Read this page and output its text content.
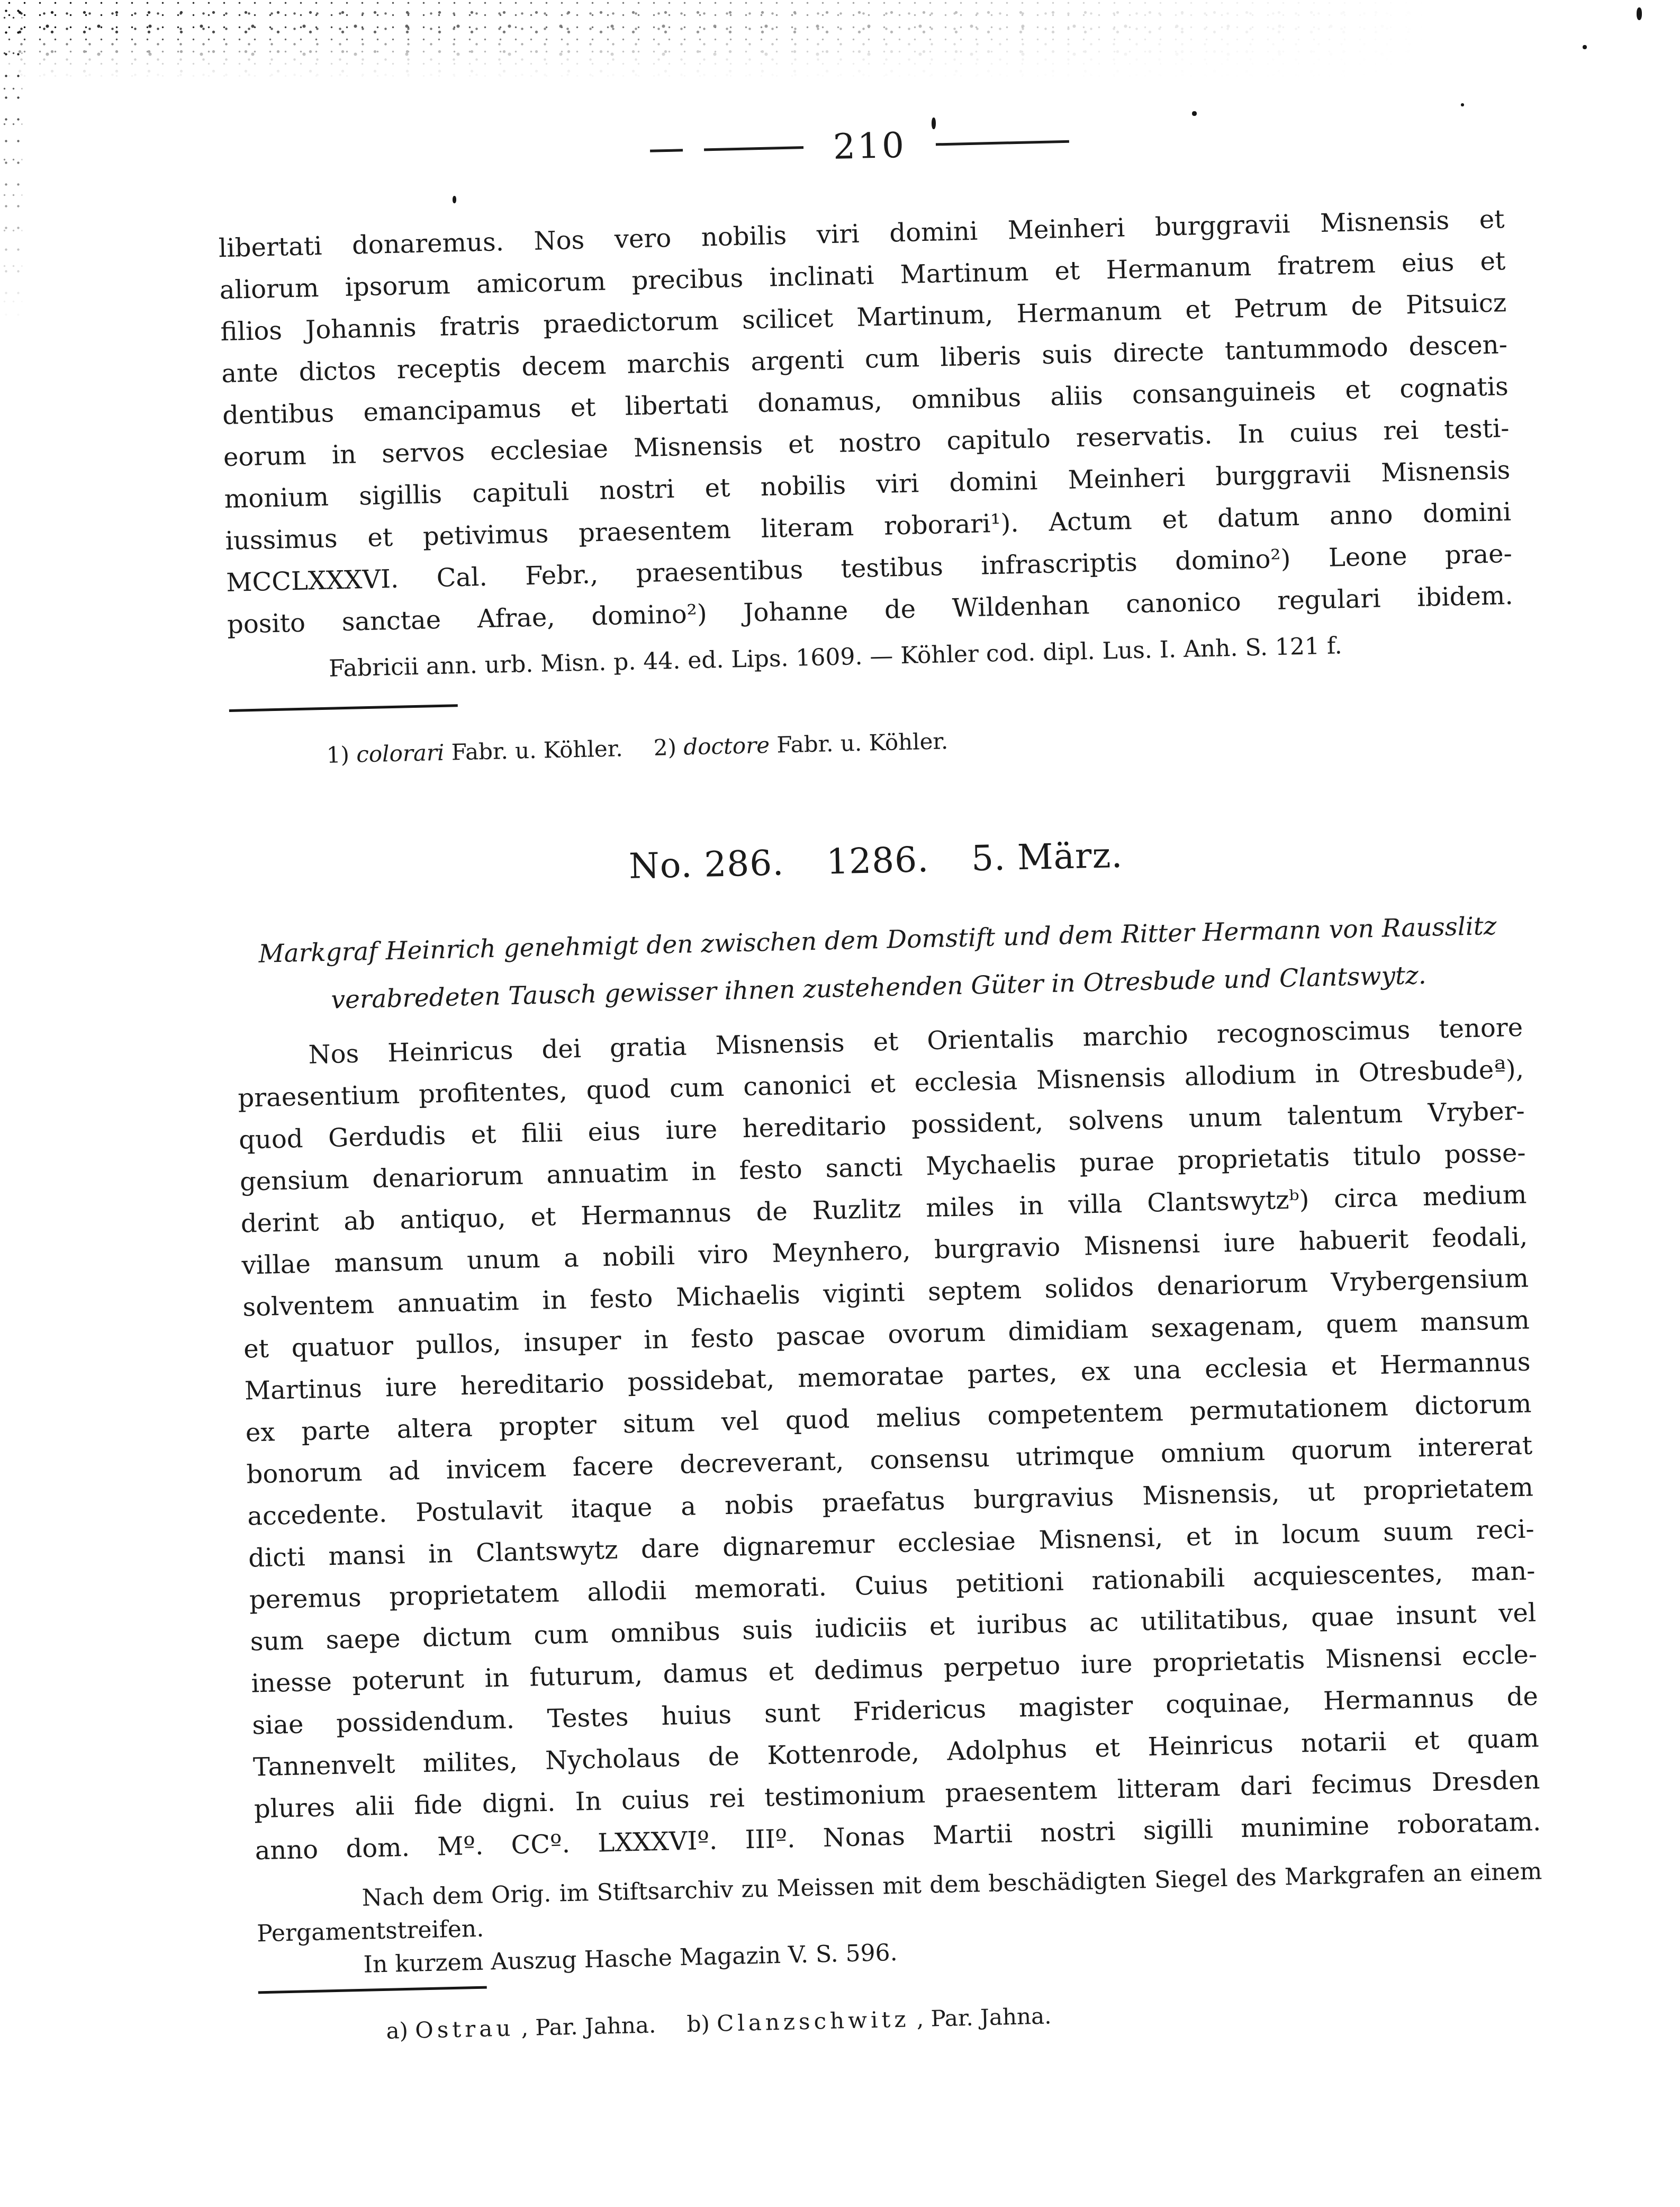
210
libertati donaremus. Nos vero nobilis viri domini Meinheri burggravii Misnensis et
aliorum ipsorum amicorum precibus inclinati Martinum et Hermanum fratrem eius et
filios Johannis fratris praedictorum scilicet Martinum, Hermanum et Petrum de Pitsuicz
ante dictos receptis decem marchis argenti cum liberis suis directe tantummodo descen-
dentibus emancipamus et libertati donamus, omnibus aliis consanguineis et cognatis
eorum in servos ecclesiae Misnensis et nostro capitulo reservatis. In cuius rei testi-
monium sigillis capituli nostri et nobilis viri domini Meinheri burggravii Misnensis
iussimus et petivimus praesentem literam roborari¹). Actum et datum anno domini
MCCLXXXVI. Cal. Febr., praesentibus testibus infrascriptis domino²) Leone prae-
posito sanctae Afrae, domino²) Johanne de Wildenhan canonico regulari ibidem.
Fabricii ann. urb. Misn. p. 44. ed. Lips. 1609. — Köhler cod. dipl. Lus. I. Anh. S. 121 f.
1) colorari Fabr. u. Köhler. 2) doctore Fabr. u. Köhler.
No. 286. 1286. 5. März.
Markgraf Heinrich genehmigt den zwischen dem Domstift und dem Ritter Hermann von Rausslitz
verabredeten Tausch gewisser ihnen zustehenden Güter in Otresbude und Clantswytz.
Nos Heinricus dei gratia Misnensis et Orientalis marchio recognoscimus tenore
praesentium profitentes, quod cum canonici et ecclesia Misnensis allodium in Otresbudeª),
quod Gerdudis et filii eius iure hereditario possident, solvens unum talentum Vryber-
gensium denariorum annuatim in festo sancti Mychaelis purae proprietatis titulo posse-
derint ab antiquo, et Hermannus de Ruzlitz miles in villa Clantswytzᵇ) circa medium
villae mansum unum a nobili viro Meynhero, burgravio Misnensi iure habuerit feodali,
solventem annuatim in festo Michaelis viginti septem solidos denariorum Vrybergensium
et quatuor pullos, insuper in festo pascae ovorum dimidiam sexagenam, quem mansum
Martinus iure hereditario possidebat, memoratae partes, ex una ecclesia et Hermannus
ex parte altera propter situm vel quod melius competentem permutationem dictorum
bonorum ad invicem facere decreverant, consensu utrimque omnium quorum intererat
accedente. Postulavit itaque a nobis praefatus burgravius Misnensis, ut proprietatem
dicti mansi in Clantswytz dare dignaremur ecclesiae Misnensi, et in locum suum reci-
peremus proprietatem allodii memorati. Cuius petitioni rationabili acquiescentes, man-
sum saepe dictum cum omnibus suis iudiciis et iuribus ac utilitatibus, quae insunt vel
inesse poterunt in futurum, damus et dedimus perpetuo iure proprietatis Misnensi eccle-
siae possidendum. Testes huius sunt Fridericus magister coquinae, Hermannus de
Tannenvelt milites, Nycholaus de Kottenrode, Adolphus et Heinricus notarii et quam
plures alii fide digni. In cuius rei testimonium praesentem litteram dari fecimus Dresden
anno dom. Mº. CCº. LXXXVIº. IIIº. Nonas Martii nostri sigilli munimine roboratam.
Nach dem Orig. im Stiftsarchiv zu Meissen mit dem beschädigten Siegel des Markgrafen an einem
Pergamentstreifen.
In kurzem Auszug Hasche Magazin V. S. 596.
a) Ostrau , Par. Jahna. b) Clanzschwitz , Par. Jahna.
